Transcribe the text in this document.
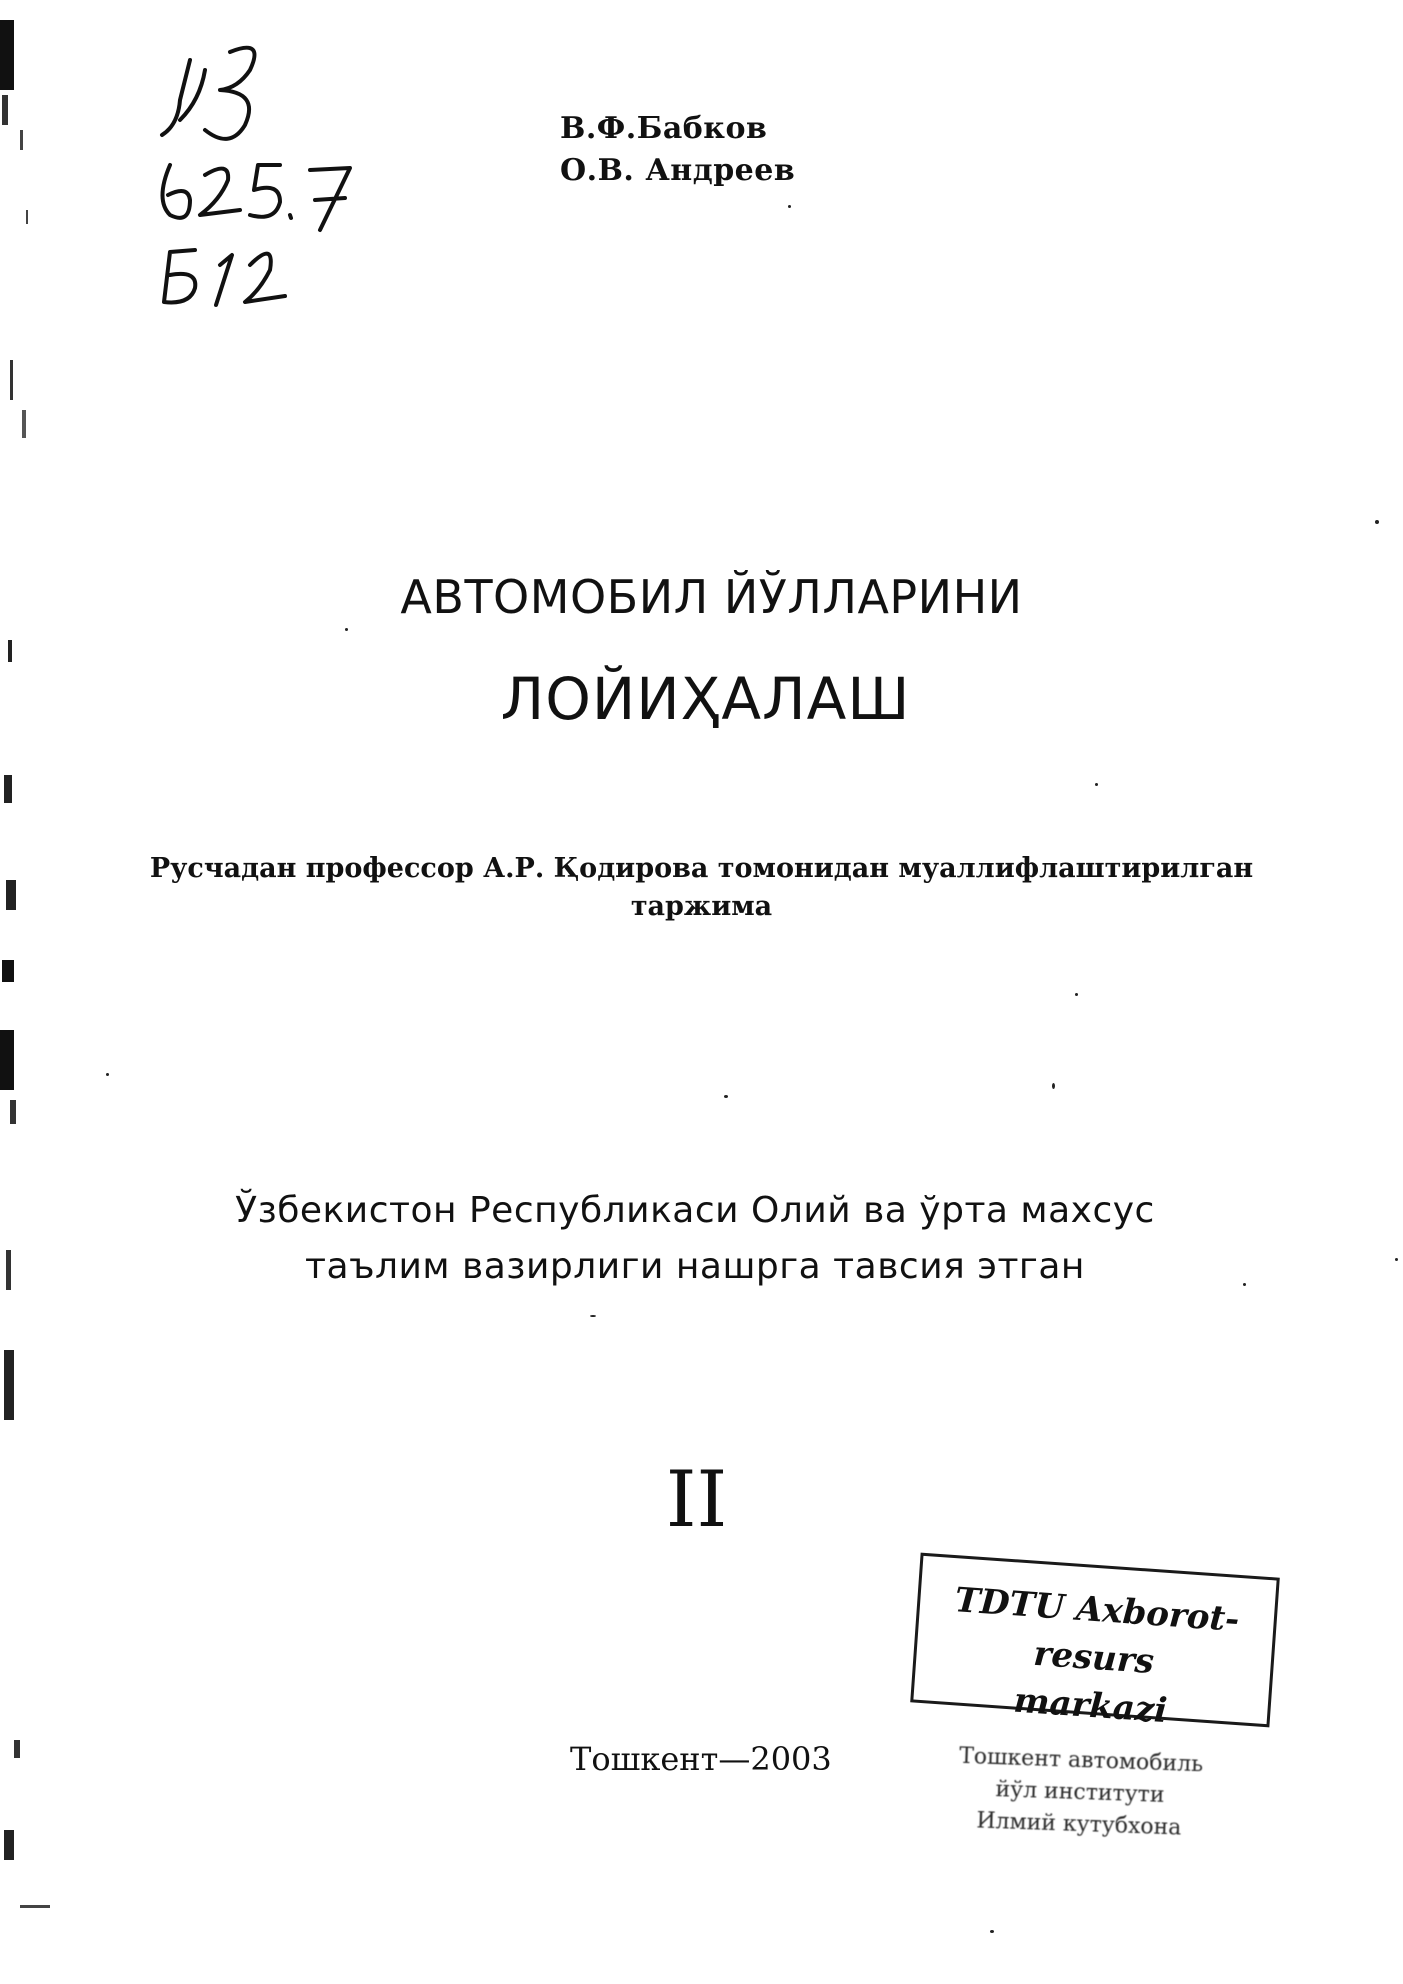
В.Ф.Бабков
О.В. Андреев
АВТОМОБИЛ ЙЎЛЛАРИНИ
ЛОЙИҲАЛАШ
Русчадан профессор А.Р. Қодирова томонидан муаллифлаштирилган
таржима
Ўзбекистон Республикаси Олий ва ўрта махсус
таълим вазирлиги нашрга тавсия этган
II
TDTU Axborot-resurs
markazi
Тошкент—2003	Тошкент автомобиль
йўл институти
Илмий кутубхона
